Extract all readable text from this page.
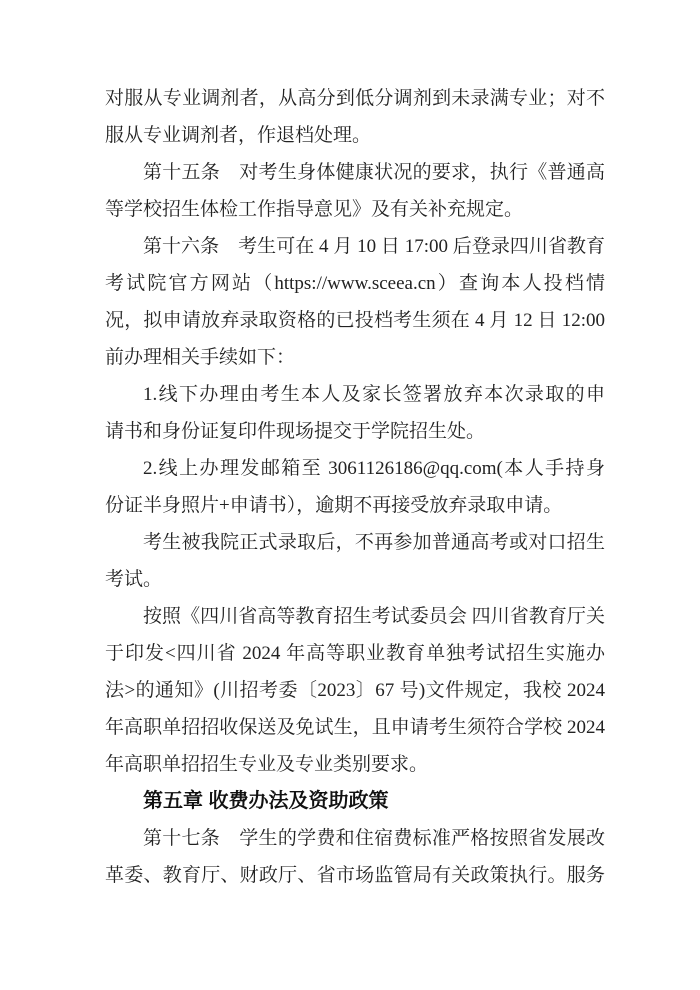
对服从专业调剂者，从高分到低分调剂到未录满专业；对不
服从专业调剂者，作退档处理。
第十五条　对考生身体健康状况的要求，执行《普通高
等学校招生体检工作指导意见》及有关补充规定。
第十六条　考生可在 4 月 10 日 17:00 后登录四川省教育
考试院官方网站（https://www.sceea.cn）查询本人投档情
况，拟申请放弃录取资格的已投档考生须在 4 月 12 日 12:00
前办理相关手续如下：
1.线下办理由考生本人及家长签署放弃本次录取的申
请书和身份证复印件现场提交于学院招生处。
2.线上办理发邮箱至 3061126186@qq.com(本人手持身
份证半身照片+申请书），逾期不再接受放弃录取申请。
考生被我院正式录取后，不再参加普通高考或对口招生
考试。
按照《四川省高等教育招生考试委员会 四川省教育厅关
于印发<四川省 2024 年高等职业教育单独考试招生实施办
法>的通知》(川招考委〔2023〕67 号)文件规定，我校 2024
年高职单招招收保送及免试生，且申请考生须符合学校 2024
年高职单招招生专业及专业类别要求。
第五章 收费办法及资助政策
第十七条　学生的学费和住宿费标准严格按照省发展改
革委、教育厅、财政厅、省市场监管局有关政策执行。服务
